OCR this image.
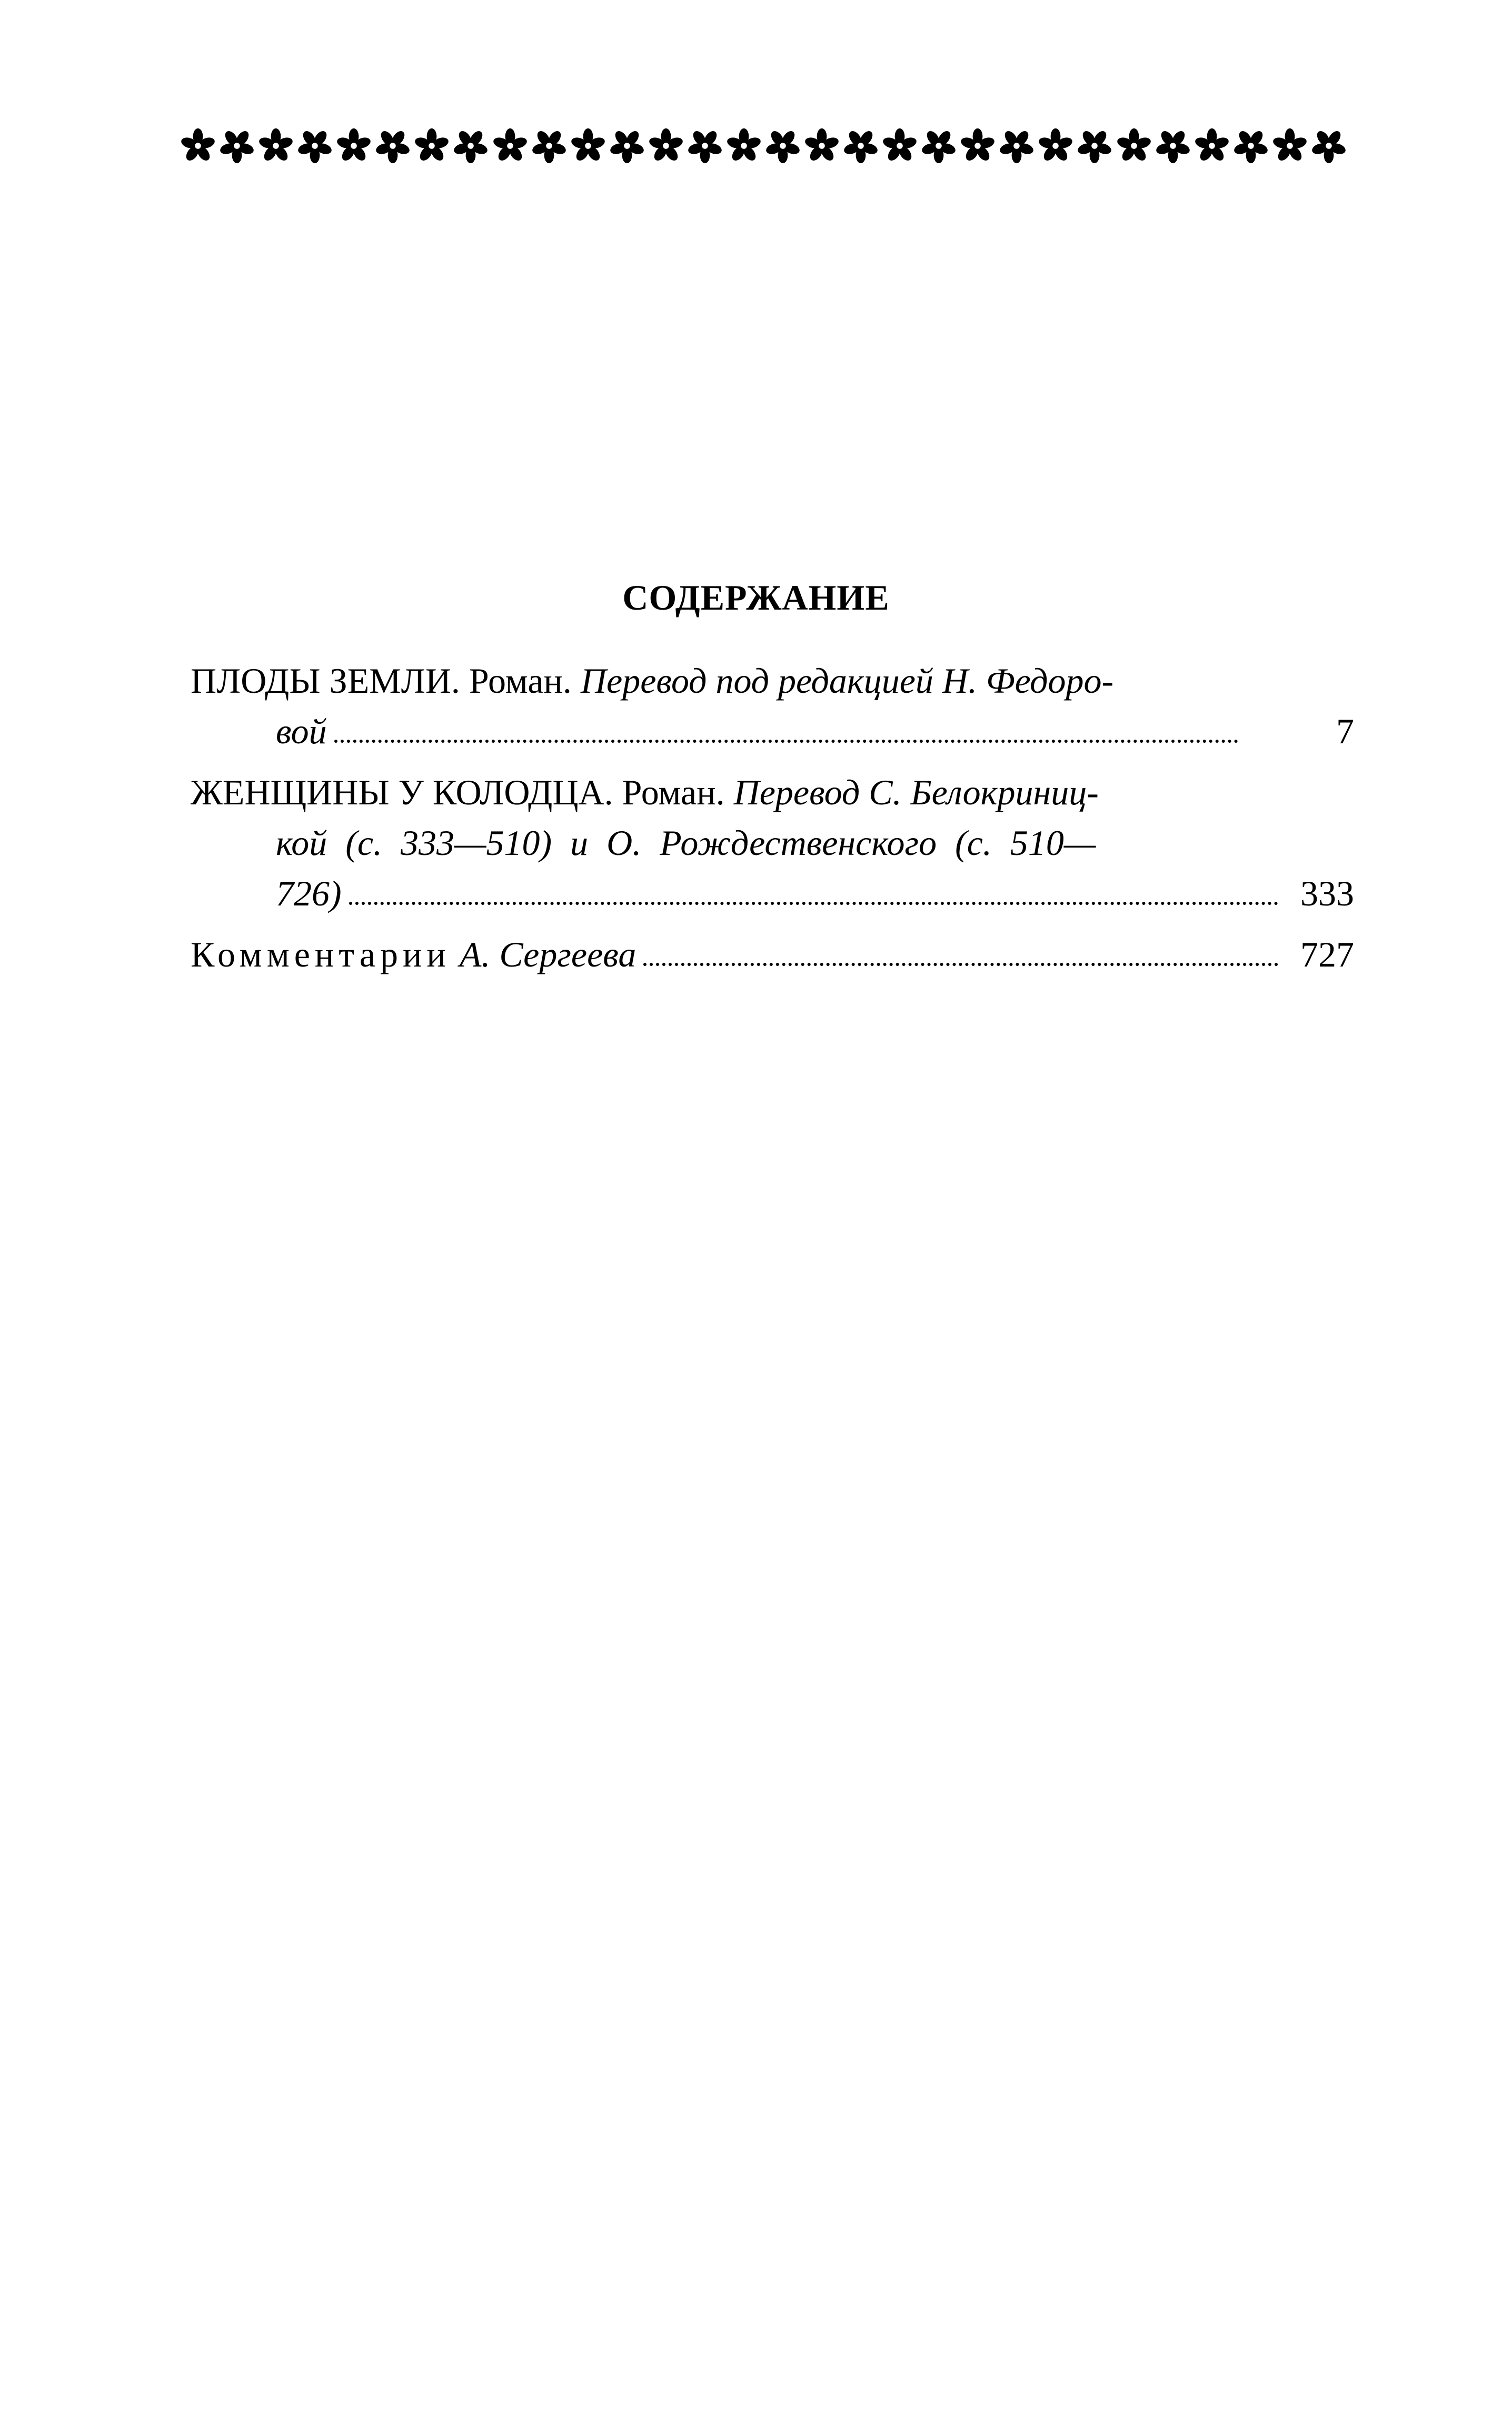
СОДЕРЖАНИЕ
ПЛОДЫ ЗЕМЛИ. Роман. Перевод под редакцией Н. Федоро-
вой	7
ЖЕНЩИНЫ У КОЛОДЦА. Роман. Перевод С. Белокриниц-
кой (с. 333—510) и О. Рождественского (с. 510—
726)	333
Комментарии А. Сергеева	727
